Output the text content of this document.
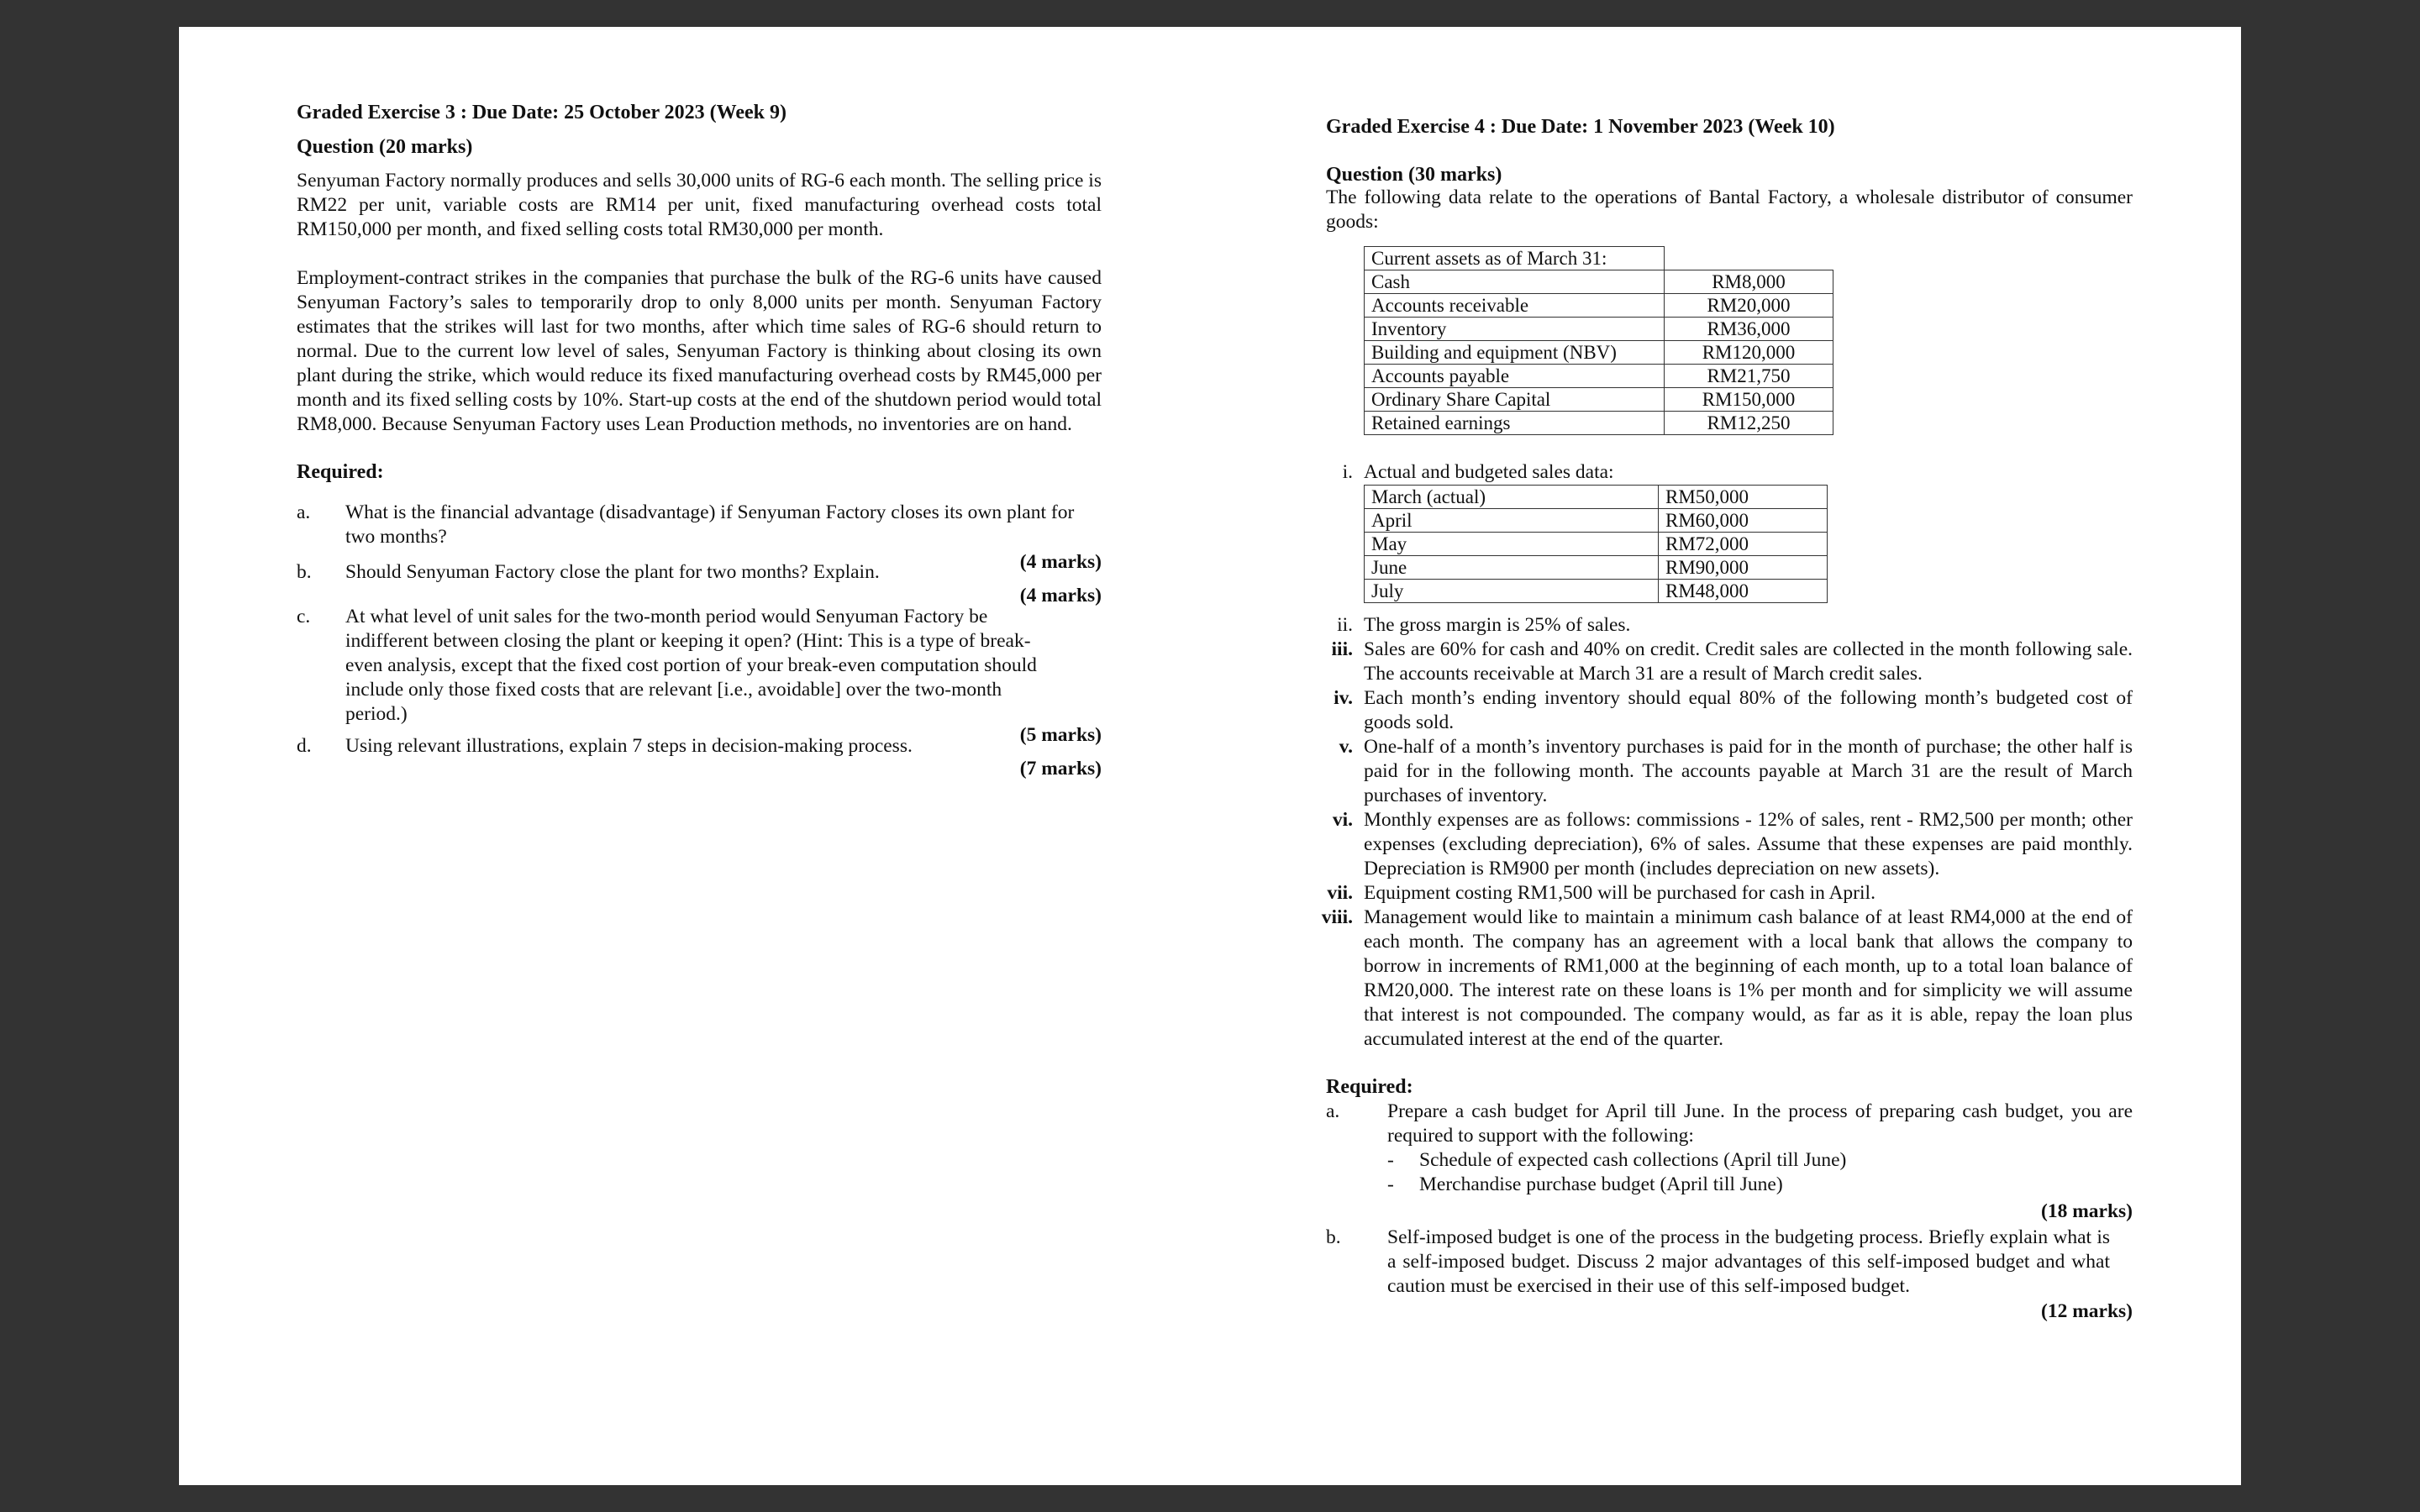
Graded Exercise 3 : Due Date: 25 October 2023 (Week 9)
Question (20 marks)

Senyuman Factory normally produces and sells 30,000 units of RG-6 each month. The selling price is RM22 per unit, variable costs are RM14 per unit, fixed manufacturing overhead costs total RM150,000 per month, and fixed selling costs total RM30,000 per month.

Employment-contract strikes in the companies that purchase the bulk of the RG-6 units have caused Senyuman Factory’s sales to temporarily drop to only 8,000 units per month. Senyuman Factory estimates that the strikes will last for two months, after which time sales of RG-6 should return to normal. Due to the current low level of sales, Senyuman Factory is thinking about closing its own plant during the strike, which would reduce its fixed manufacturing overhead costs by RM45,000 per month and its fixed selling costs by 10%. Start-up costs at the end of the shutdown period would total RM8,000. Because Senyuman Factory uses Lean Production methods, no inventories are on hand.

Required:
a.	What is the financial advantage (disadvantage) if Senyuman Factory closes its own plant for two months?
(4 marks)
b.	Should Senyuman Factory close the plant for two months? Explain.
(4 marks)
c.	At what level of unit sales for the two-month period would Senyuman Factory be indifferent between closing the plant or keeping it open? (Hint: This is a type of break-even analysis, except that the fixed cost portion of your break-even computation should include only those fixed costs that are relevant [i.e., avoidable] over the two-month period.)
(5 marks)
d.	Using relevant illustrations, explain 7 steps in decision-making process.
(7 marks)
Graded Exercise 4 : Due Date: 1 November 2023 (Week 10)
Question (30 marks)

The following data relate to the operations of Bantal Factory, a wholesale distributor of consumer goods:

Current assets as of March 31:	
Cash	RM8,000
Accounts receivable	RM20,000
Inventory	RM36,000
Building and equipment (NBV)	RM120,000
Accounts payable	RM21,750
Ordinary Share Capital	RM150,000
Retained earnings	RM12,250
i. Actual and budgeted sales data:
March (actual)	RM50,000
April	RM60,000
May	RM72,000
June	RM90,000
July	RM48,000
ii. The gross margin is 25% of sales.
iii. Sales are 60% for cash and 40% on credit. Credit sales are collected in the month following sale. The accounts receivable at March 31 are a result of March credit sales.
iv. Each month’s ending inventory should equal 80% of the following month’s budgeted cost of goods sold.
v. One-half of a month’s inventory purchases is paid for in the month of purchase; the other half is paid for in the following month. The accounts payable at March 31 are the result of March purchases of inventory.
vi. Monthly expenses are as follows: commissions - 12% of sales, rent - RM2,500 per month; other expenses (excluding depreciation), 6% of sales. Assume that these expenses are paid monthly. Depreciation is RM900 per month (includes depreciation on new assets).
vii. Equipment costing RM1,500 will be purchased for cash in April.
viii. Management would like to maintain a minimum cash balance of at least RM4,000 at the end of each month. The company has an agreement with a local bank that allows the company to borrow in increments of RM1,000 at the beginning of each month, up to a total loan balance of RM20,000. The interest rate on these loans is 1% per month and for simplicity we will assume that interest is not compounded. The company would, as far as it is able, repay the loan plus accumulated interest at the end of the quarter.
Required:
a. Prepare a cash budget for April till June. In the process of preparing cash budget, you are required to support with the following:
- Schedule of expected cash collections (April till June)
- Merchandise purchase budget (April till June)
(18 marks)
b. Self-imposed budget is one of the process in the budgeting process. Briefly explain what is a self-imposed budget. Discuss 2 major advantages of this self-imposed budget and what caution must be exercised in their use of this self-imposed budget.
(12 marks)
